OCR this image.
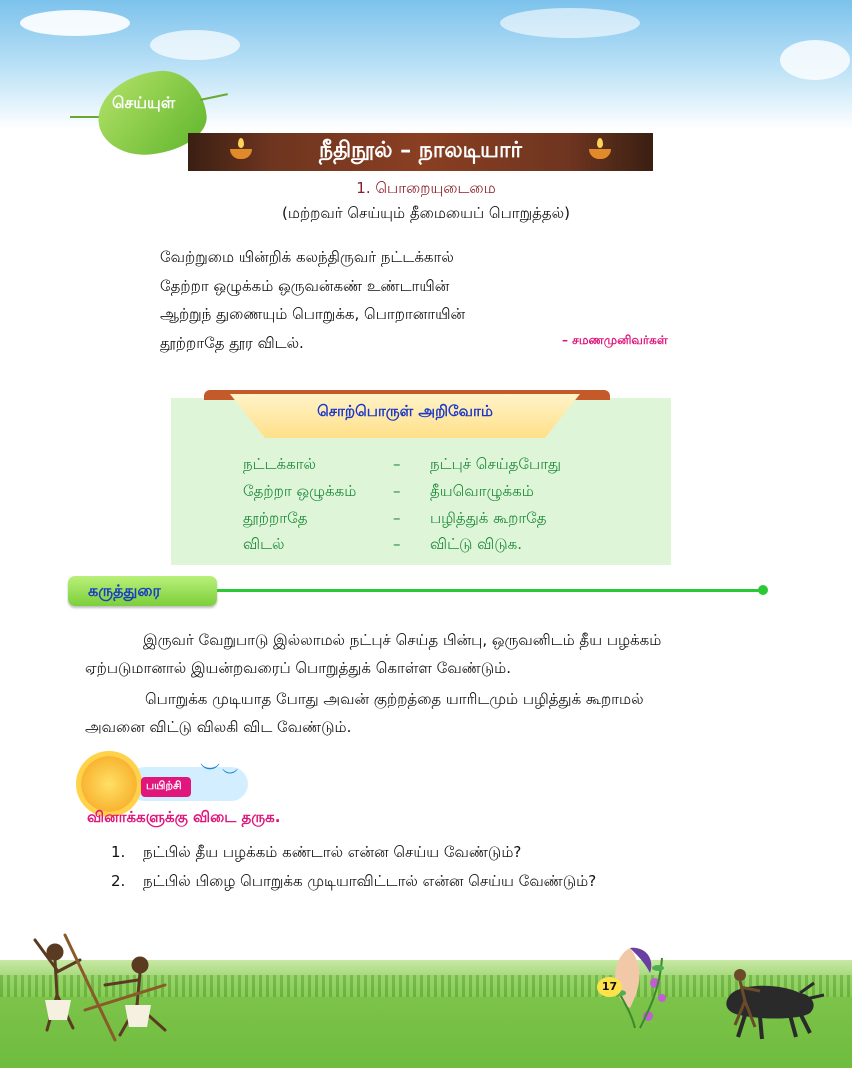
செய்யுள்
நீதிநூல் – நாலடியார்
1. பொறையுடைமை
(மற்றவர் செய்யும் தீமையைப் பொறுத்தல்)
வேற்றுமை யின்றிக் கலந்திருவர் நட்டக்கால்
தேற்றா ஒழுக்கம் ஒருவன்கண் உண்டாயின்
ஆற்றுந் துணையும் பொறுக்க, பொறானாயின்
தூற்றாதே தூர விடல்.	– சமணமுனிவர்கள்
சொற்பொருள் அறிவோம்
நட்டக்கால்	– நட்புச் செய்தபோது
தேற்றா ஒழுக்கம் – தீயவொழுக்கம்
தூற்றாதே	– பழித்துக் கூறாதே
விடல்	– விட்டு விடுக.
கருத்துரை
இருவர் வேறுபாடு இல்லாமல் நட்புச் செய்த பின்பு, ஒருவனிடம் தீய பழக்கம்
ஏற்படுமானால் இயன்றவரைப் பொறுத்துக் கொள்ள வேண்டும்.
பொறுக்க முடியாத போது அவன் குற்றத்தை யாரிடமும் பழித்துக் கூறாமல்
அவனை விட்டு விலகி விட வேண்டும்.
︶ ︶
பயிற்சி
வினாக்களுக்கு விடை தருக.
1. நட்பில் தீய பழக்கம் கண்டால் என்ன செய்ய வேண்டும்?
2. நட்பில் பிழை பொறுக்க முடியாவிட்டால் என்ன செய்ய வேண்டும்?
17
